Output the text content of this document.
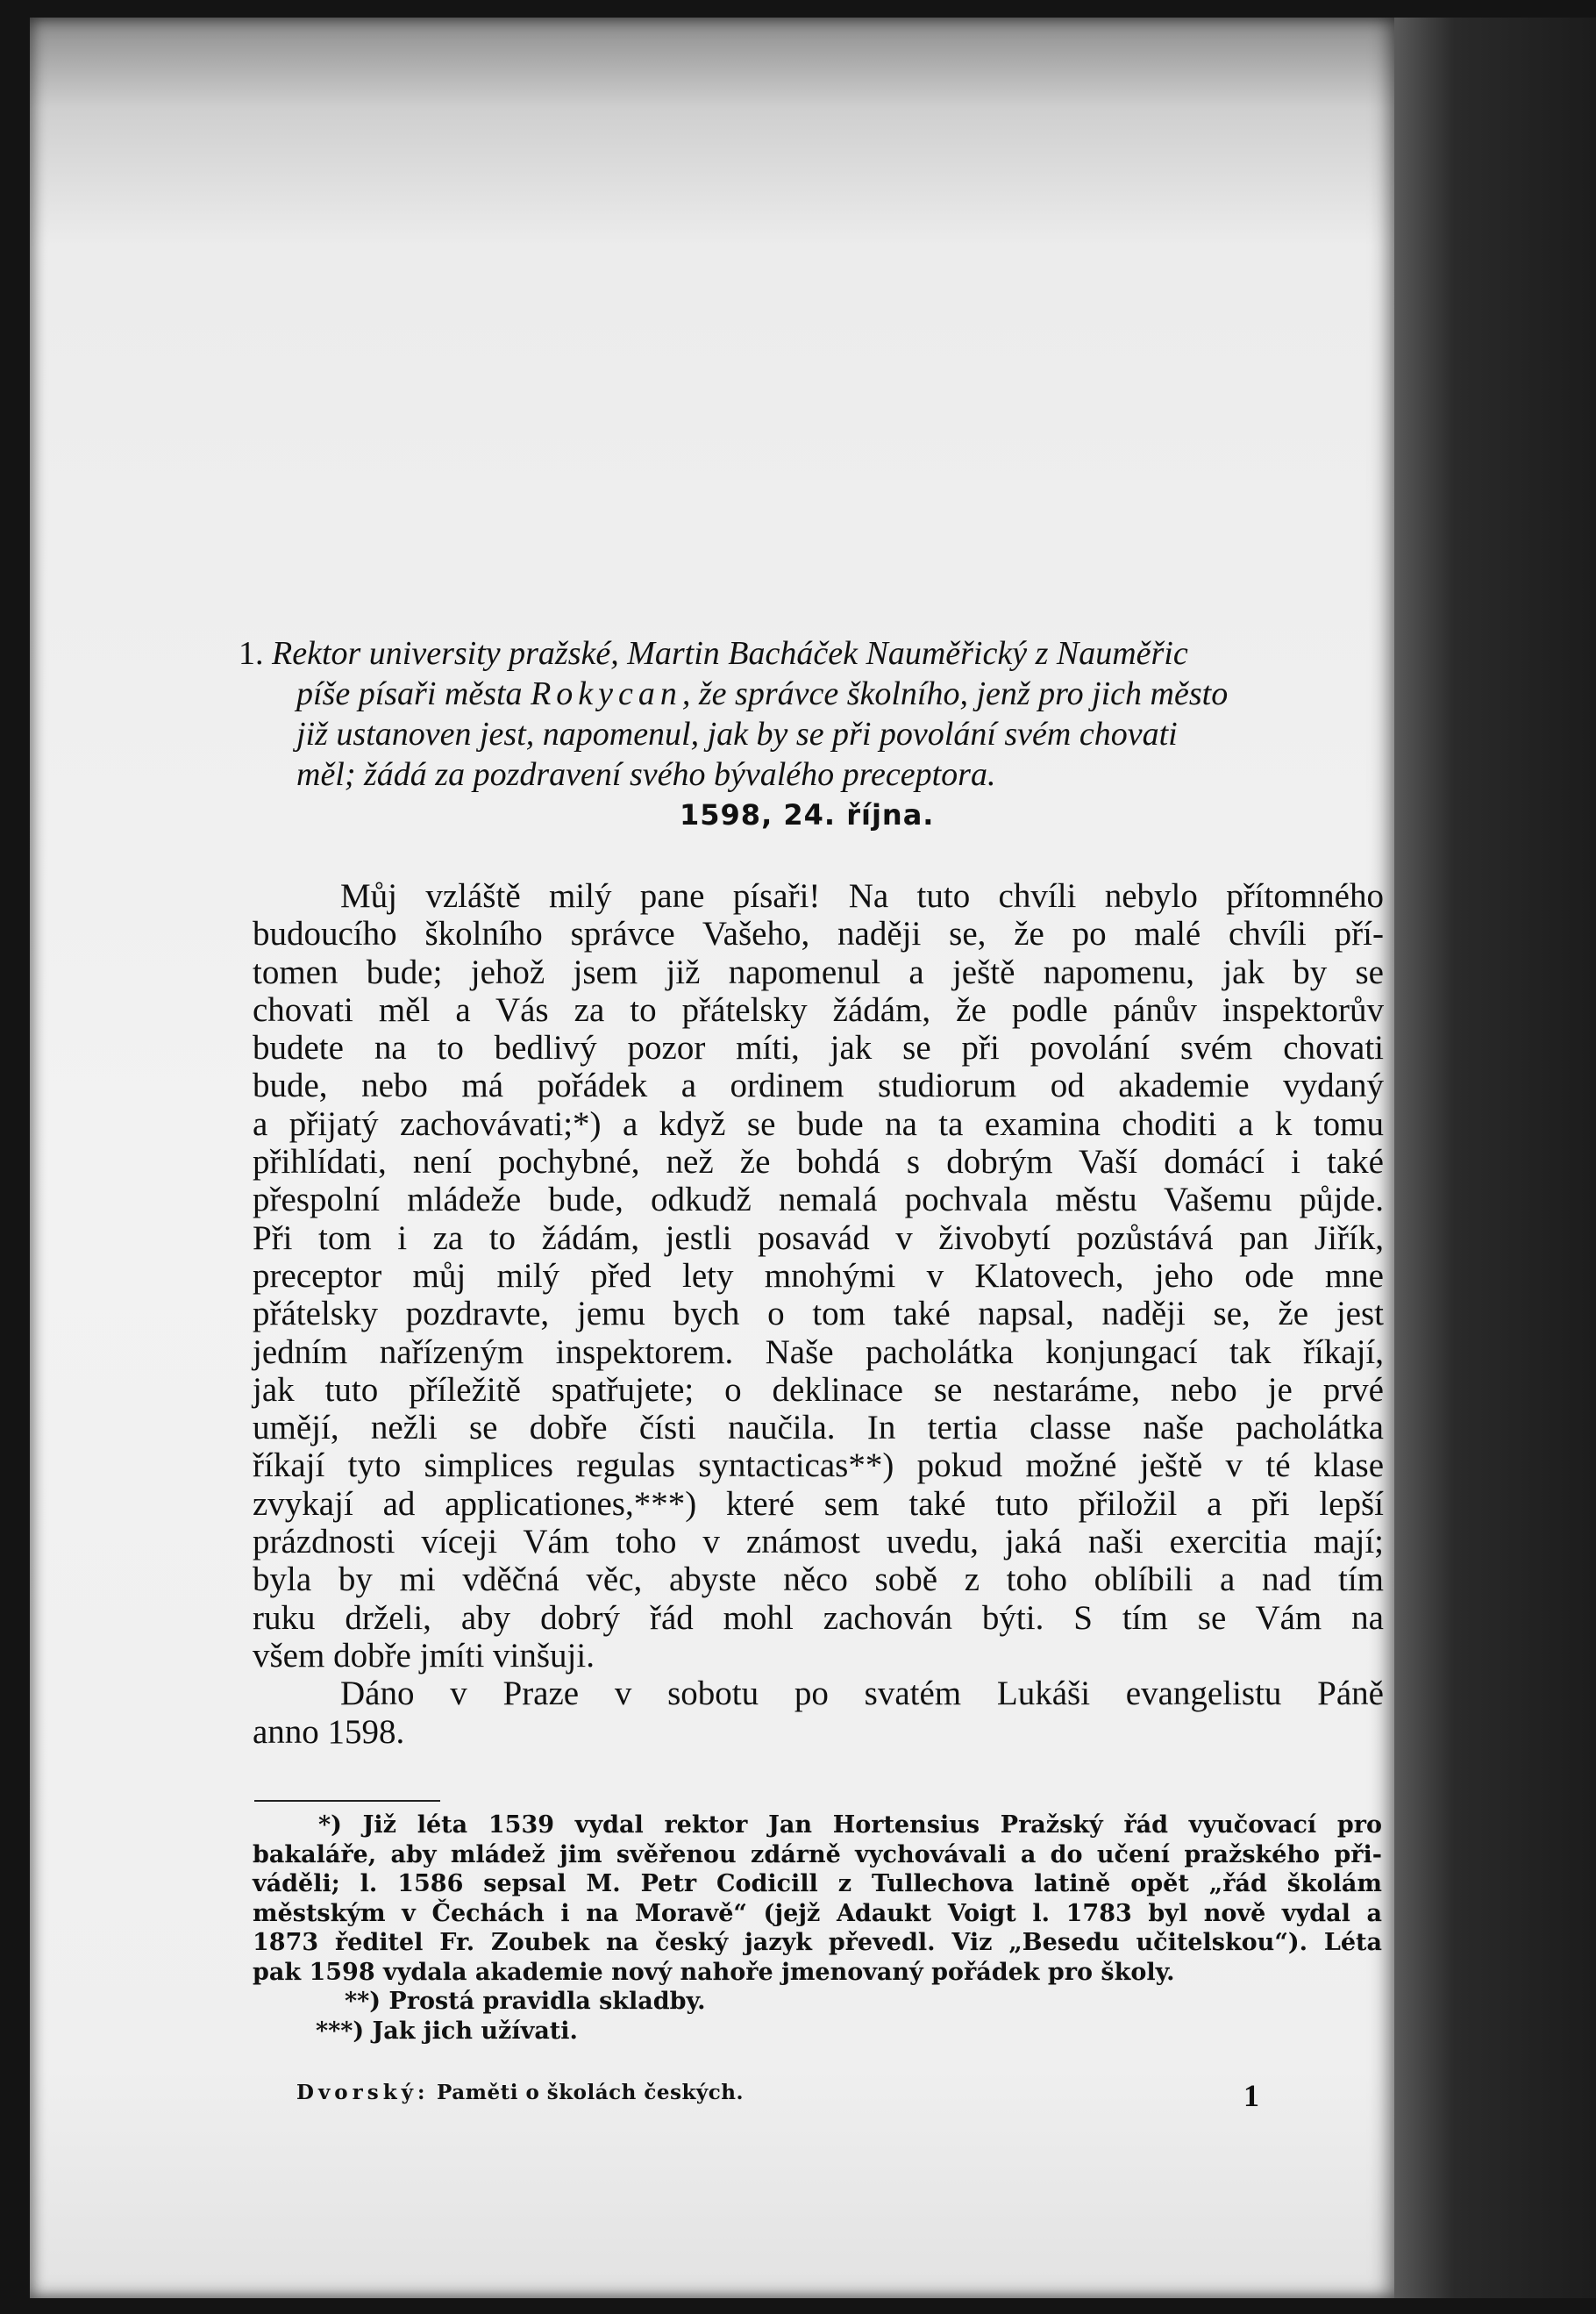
1. Rektor university pražské, Martin Bacháček Nauměřický z Nauměřic
píše písaři města Rokycan, že správce školního, jenž pro jich město
již ustanoven jest, napomenul, jak by se při povolání svém chovati
měl; žádá za pozdravení svého bývalého preceptora.
1598, 24. října.
Můj vzláště milý pane písaři! Na tuto chvíli nebylo přítomného
budoucího školního správce Vašeho, naději se, že po malé chvíli pří-
tomen bude; jehož jsem již napomenul a ještě napomenu, jak by se
chovati měl a Vás za to přátelsky žádám, že podle pánův inspektorův
budete na to bedlivý pozor míti, jak se při povolání svém chovati
bude, nebo má pořádek a ordinem studiorum od akademie vydaný
a přijatý zachovávati;*) a když se bude na ta examina choditi a k tomu
přihlídati, není pochybné, než že bohdá s dobrým Vaší domácí i také
přespolní mládeže bude, odkudž nemalá pochvala městu Vašemu půjde.
Při tom i za to žádám, jestli posavád v živobytí pozůstává pan Jiřík,
preceptor můj milý před lety mnohými v Klatovech, jeho ode mne
přátelsky pozdravte, jemu bych o tom také napsal, naději se, že jest
jedním nařízeným inspektorem. Naše pacholátka konjungací tak říkají,
jak tuto příležitě spatřujete; o deklinace se nestaráme, nebo je prvé
umějí, nežli se dobře čísti naučila. In tertia classe naše pacholátka
říkají tyto simplices regulas syntacticas**) pokud možné ještě v té klase
zvykají ad applicationes,***) které sem také tuto přiložil a při lepší
prázdnosti víceji Vám toho v známost uvedu, jaká naši exercitia mají;
byla by mi vděčná věc, abyste něco sobě z toho oblíbili a nad tím
ruku drželi, aby dobrý řád mohl zachován býti. S tím se Vám na
všem dobře jmíti vinšuji.
Dáno v Praze v sobotu po svatém Lukáši evangelistu Páně
anno 1598.
*) Již léta 1539 vydal rektor Jan Hortensius Pražský řád vyučovací pro
bakaláře, aby mládež jim svěřenou zdárně vychovávali a do učení pražského při-
váděli; l. 1586 sepsal M. Petr Codicill z Tullechova latině opět „řád školám
městským v Čechách i na Moravě“ (jejž Adaukt Voigt l. 1783 byl nově vydal a
1873 ředitel Fr. Zoubek na český jazyk převedl. Viz „Besedu učitelskou“). Léta
pak 1598 vydala akademie nový nahoře jmenovaný pořádek pro školy.
**) Prostá pravidla skladby.
***) Jak jich užívati.
Dvorský: Paměti o školách českých.	1
